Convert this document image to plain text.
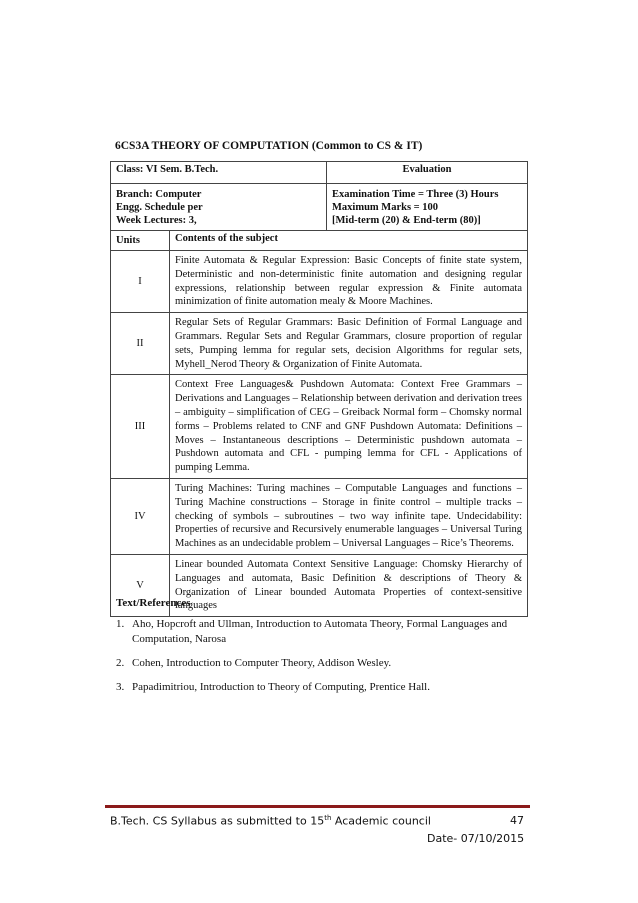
6CS3A THEORY OF COMPUTATION (Common to CS & IT)
Class: VI Sem. B.Tech.	Evaluation

Branch: Computer
Engg. Schedule per
Week Lectures: 3,	Examination Time = Three (3) Hours
Maximum Marks = 100
[Mid-term (20) & End-term (80)]
Units	Contents of the subject
I	Finite Automata & Regular Expression: Basic Concepts of finite state system, Deterministic and non-deterministic finite automation and designing regular expressions, relationship between regular expression & Finite automata minimization of finite automation mealy & Moore Machines.
II	Regular Sets of Regular Grammars: Basic Definition of Formal Language and Grammars. Regular Sets and Regular Grammars, closure proportion of regular sets, Pumping lemma for regular sets, decision Algorithms for regular sets, Myhell_Nerod Theory & Organization of Finite Automata.
III	Context Free Languages& Pushdown Automata: Context Free Grammars – Derivations and Languages – Relationship between derivation and derivation trees – ambiguity – simplification of CEG – Greiback Normal form – Chomsky normal forms – Problems related to CNF and GNF Pushdown Automata: Definitions – Moves – Instantaneous descriptions – Deterministic pushdown automata – Pushdown automata and CFL - pumping lemma for CFL - Applications of pumping Lemma.
IV	Turing Machines: Turing machines – Computable Languages and functions – Turing Machine constructions – Storage in finite control – multiple tracks – checking of symbols – subroutines – two way infinite tape. Undecidability: Properties of recursive and Recursively enumerable languages – Universal Turing Machines as an undecidable problem – Universal Languages – Rice’s Theorems.
V	Linear bounded Automata Context Sensitive Language: Chomsky Hierarchy of Languages and automata, Basic Definition & descriptions of Theory & Organization of Linear bounded Automata Properties of context-sensitive languages
Text/References
1. Aho, Hopcroft and Ullman, Introduction to Automata Theory, Formal Languages and Computation, Narosa
2. Cohen, Introduction to Computer Theory, Addison Wesley.
3. Papadimitriou, Introduction to Theory of Computing, Prentice Hall.
B.Tech. CS Syllabus as submitted to 15th Academic council	47
Date- 07/10/2015
